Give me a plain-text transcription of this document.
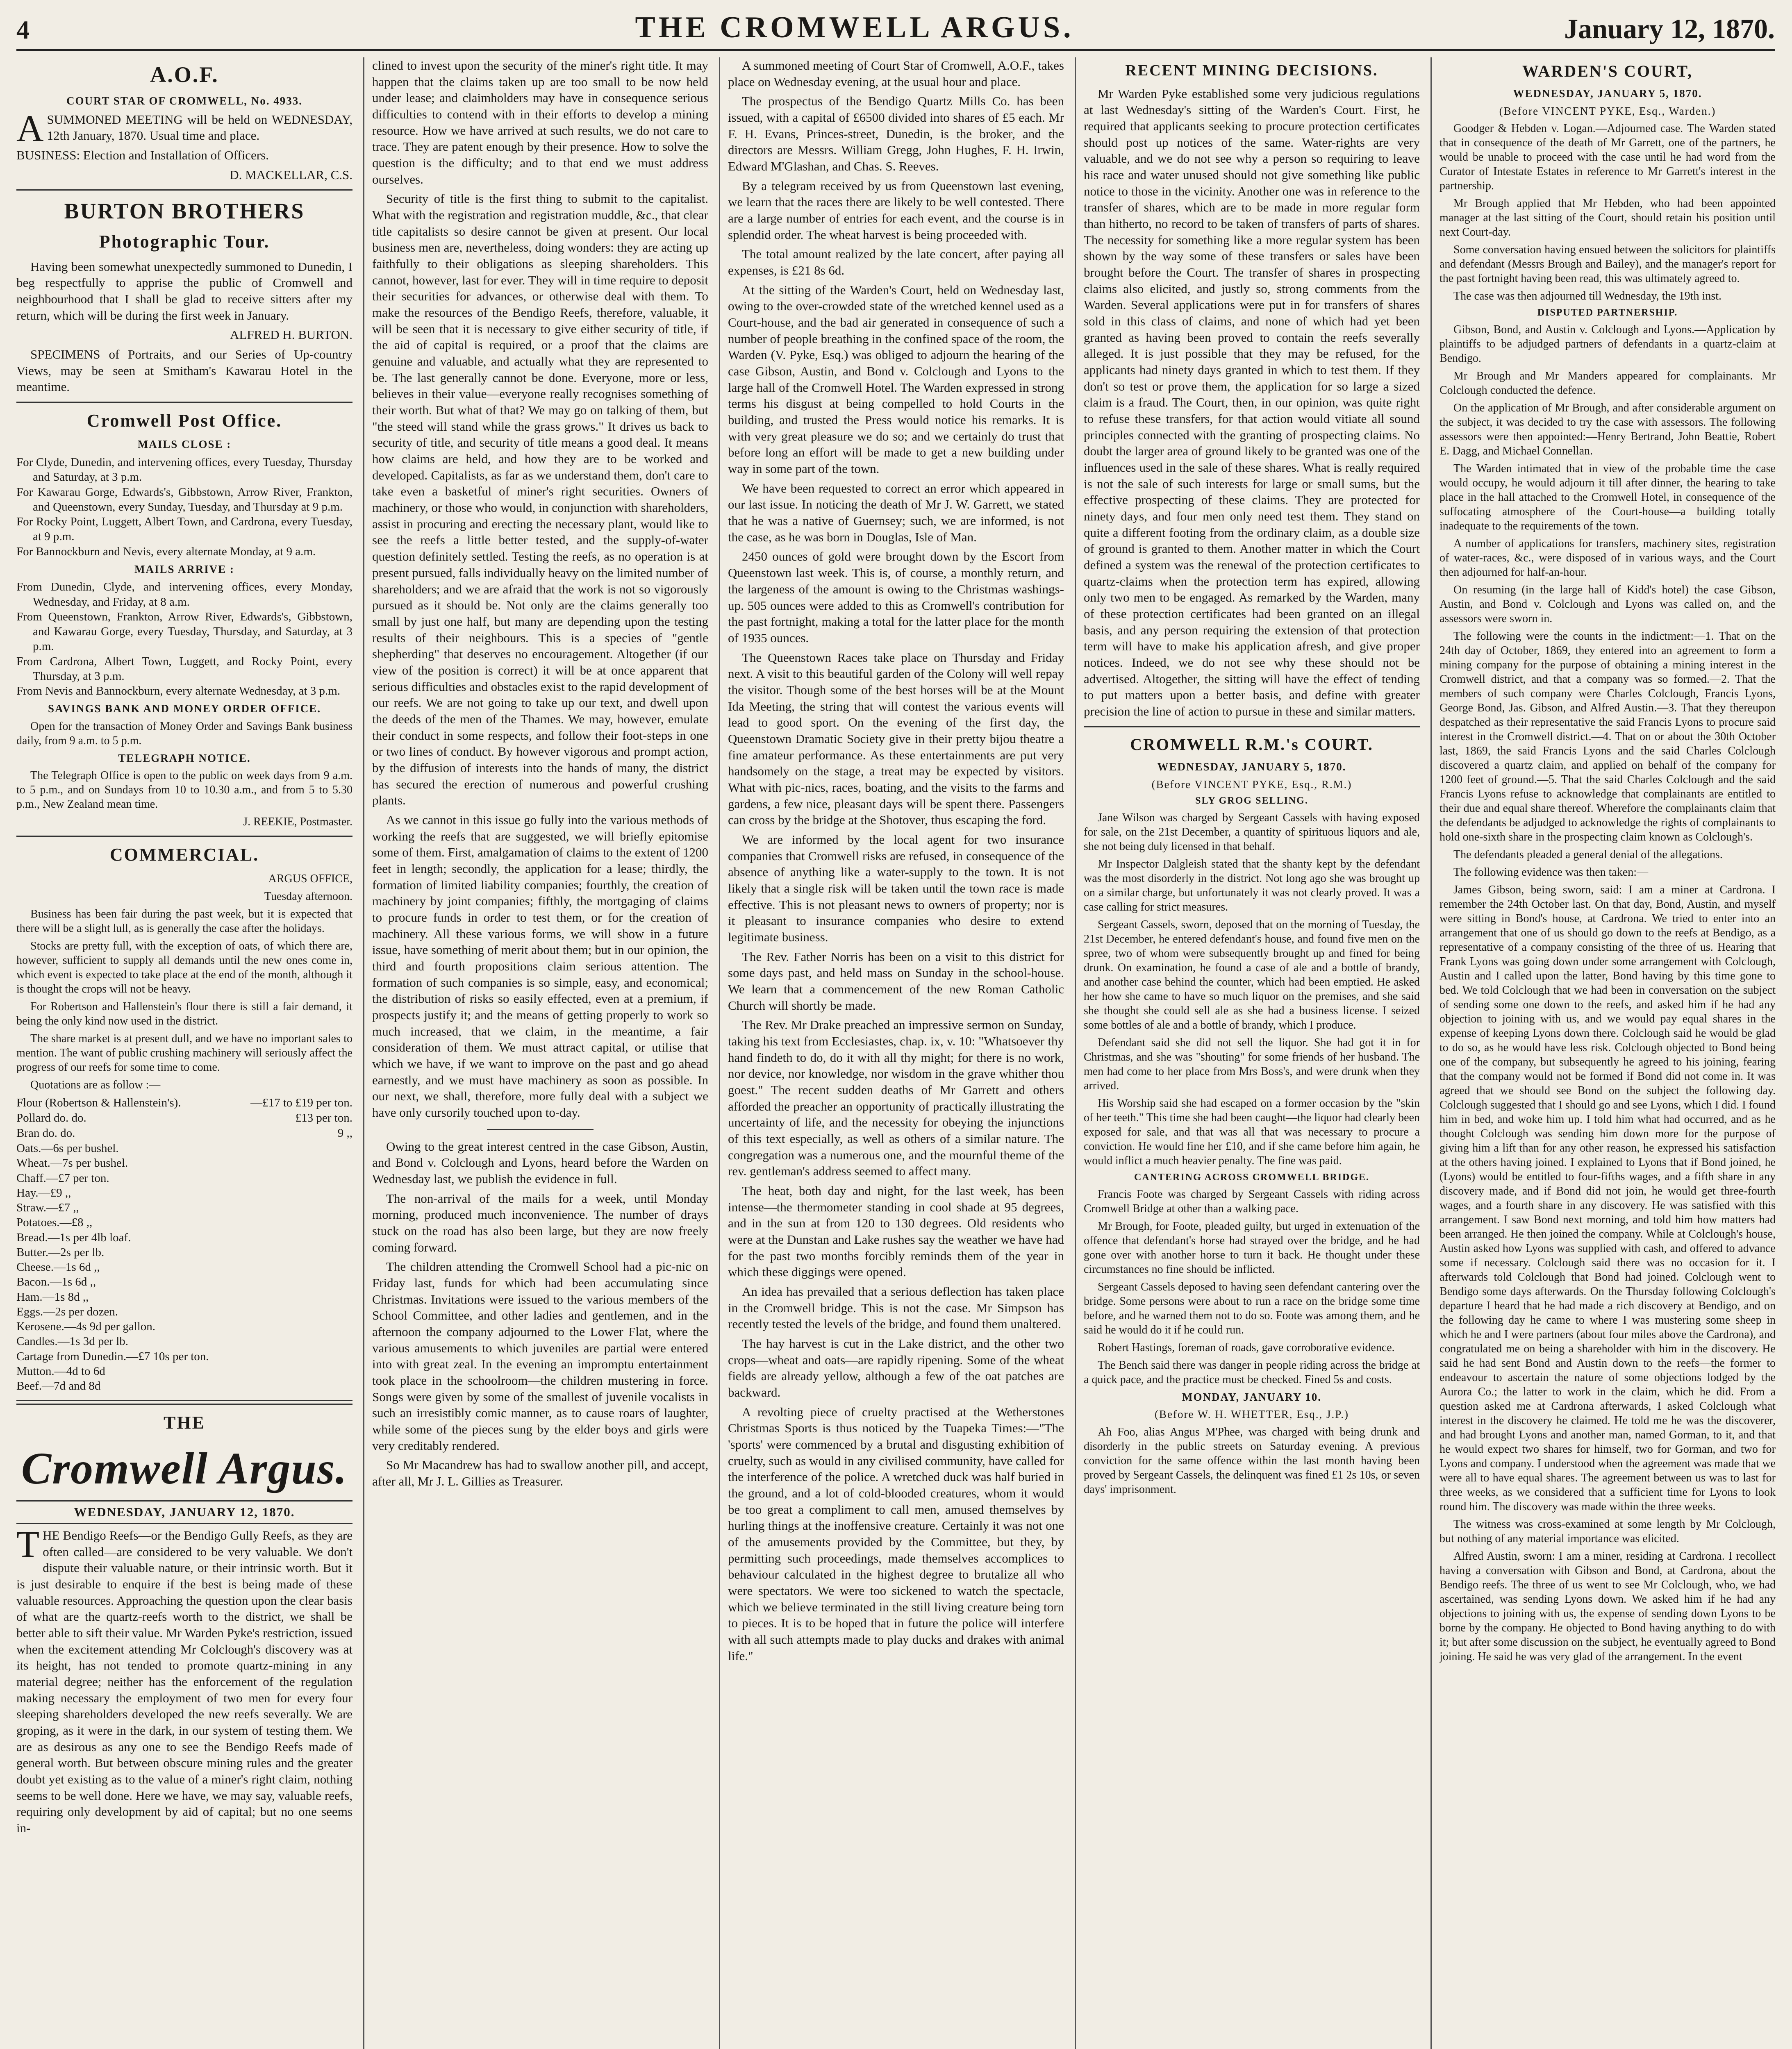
4	THE CROMWELL ARGUS.	January 12, 1870.
A.O.F.
COURT STAR OF CROMWELL, No. 4933.

ASUMMONED MEETING will be held on WEDNESDAY, 12th January, 1870. Usual time and place.

BUSINESS: Election and Installation of Officers.

D. MACKELLAR, C.S.

BURTON BROTHERS
Photographic Tour.

Having been somewhat unexpectedly summoned to Dunedin, I beg respectfully to apprise the public of Cromwell and neighbourhood that I shall be glad to receive sitters after my return, which will be during the first week in January.

ALFRED H. BURTON.

SPECIMENS of Portraits, and our Series of Up-country Views, may be seen at Smitham's Kawarau Hotel in the meantime.

Cromwell Post Office.
MAILS CLOSE :
For Clyde, Dunedin, and intervening offices, every Tuesday, Thursday and Saturday, at 3 p.m.
For Kawarau Gorge, Edwards's, Gibbstown, Arrow River, Frankton, and Queenstown, every Sunday, Tuesday, and Thursday at 9 p.m.
For Rocky Point, Luggett, Albert Town, and Cardrona, every Tuesday, at 9 p.m.
For Bannockburn and Nevis, every alternate Monday, at 9 a.m.
MAILS ARRIVE :
From Dunedin, Clyde, and intervening offices, every Monday, Wednesday, and Friday, at 8 a.m.
From Queenstown, Frankton, Arrow River, Edwards's, Gibbstown, and Kawarau Gorge, every Tuesday, Thursday, and Saturday, at 3 p.m.
From Cardrona, Albert Town, Luggett, and Rocky Point, every Thursday, at 3 p.m.
From Nevis and Bannockburn, every alternate Wednesday, at 3 p.m.
SAVINGS BANK AND MONEY ORDER OFFICE.

Open for the transaction of Money Order and Savings Bank business daily, from 9 a.m. to 5 p.m.

TELEGRAPH NOTICE.

The Telegraph Office is open to the public on week days from 9 a.m. to 5 p.m., and on Sundays from 10 to 10.30 a.m., and from 5 to 5.30 p.m., New Zealand mean time.

J. REEKIE, Postmaster.

COMMERCIAL.

ARGUS OFFICE,

Tuesday afternoon.

Business has been fair during the past week, but it is expected that there will be a slight lull, as is generally the case after the holidays.

Stocks are pretty full, with the exception of oats, of which there are, however, sufficient to supply all demands until the new ones come in, which event is expected to take place at the end of the month, although it is thought the crops will not be heavy.

For Robertson and Hallenstein's flour there is still a fair demand, it being the only kind now used in the district.

The share market is at present dull, and we have no important sales to mention. The want of public crushing machinery will seriously affect the progress of our reefs for some time to come.

Quotations are as follow :—

Flour (Robertson & Hallenstein's).	—£17 to £19 per ton.
Pollard do. do.	£13 per ton.
Bran do. do.	9 ,,
Oats.—6s per bushel.
Wheat.—7s per bushel.
Chaff.—£7 per ton.
Hay.—£9 ,,
Straw.—£7 ,,
Potatoes.—£8 ,,
Bread.—1s per 4lb loaf.
Butter.—2s per lb.
Cheese.—1s 6d ,,
Bacon.—1s 6d ,,
Ham.—1s 8d ,,
Eggs.—2s per dozen.
Kerosene.—4s 9d per gallon.
Candles.—1s 3d per lb.
Cartage from Dunedin.—£7 10s per ton.
Mutton.—4d to 6d
Beef.—7d and 8d
THE
Cromwell Argus.
WEDNESDAY, JANUARY 12, 1870.

THE Bendigo Reefs—or the Bendigo Gully Reefs, as they are often called—are considered to be very valuable. We don't dispute their valuable nature, or their intrinsic worth. But it is just desirable to enquire if the best is being made of these valuable resources. Approaching the question upon the clear basis of what are the quartz-reefs worth to the district, we shall be better able to sift their value. Mr Warden Pyke's restriction, issued when the excitement attending Mr Colclough's discovery was at its height, has not tended to promote quartz-mining in any material degree; neither has the enforcement of the regulation making necessary the employment of two men for every four sleeping shareholders developed the new reefs severally. We are groping, as it were in the dark, in our system of testing them. We are as desirous as any one to see the Bendigo Reefs made of general worth. But between obscure mining rules and the greater doubt yet existing as to the value of a miner's right claim, nothing seems to be well done. Here we have, we may say, valuable reefs, requiring only development by aid of capital; but no one seems in-

clined to invest upon the security of the miner's right title. It may happen that the claims taken up are too small to be now held under lease; and claimholders may have in consequence serious difficulties to contend with in their efforts to develop a mining resource. How we have arrived at such results, we do not care to trace. They are patent enough by their presence. How to solve the question is the difficulty; and to that end we must address ourselves.

Security of title is the first thing to submit to the capitalist. What with the registration and registration muddle, &c., that clear title capitalists so desire cannot be given at present. Our local business men are, nevertheless, doing wonders: they are acting up faithfully to their obligations as sleeping shareholders. This cannot, however, last for ever. They will in time require to deposit their securities for advances, or otherwise deal with them. To make the resources of the Bendigo Reefs, therefore, valuable, it will be seen that it is necessary to give either security of title, if the aid of capital is required, or a proof that the claims are genuine and valuable, and actually what they are represented to be. The last generally cannot be done. Everyone, more or less, believes in their value—everyone really recognises something of their worth. But what of that? We may go on talking of them, but "the steed will stand while the grass grows." It drives us back to security of title, and security of title means a good deal. It means how claims are held, and how they are to be worked and developed. Capitalists, as far as we understand them, don't care to take even a basketful of miner's right securities. Owners of machinery, or those who would, in conjunction with shareholders, assist in procuring and erecting the necessary plant, would like to see the reefs a little better tested, and the supply-of-water question definitely settled. Testing the reefs, as no operation is at present pursued, falls individually heavy on the limited number of shareholders; and we are afraid that the work is not so vigorously pursued as it should be. Not only are the claims generally too small by just one half, but many are depending upon the testing results of their neighbours. This is a species of "gentle shepherding" that deserves no encouragement. Altogether (if our view of the position is correct) it will be at once apparent that serious difficulties and obstacles exist to the rapid development of our reefs. We are not going to take up our text, and dwell upon the deeds of the men of the Thames. We may, however, emulate their conduct in some respects, and follow their foot-steps in one or two lines of conduct. By however vigorous and prompt action, by the diffusion of interests into the hands of many, the district has secured the erection of numerous and powerful crushing plants.

As we cannot in this issue go fully into the various methods of working the reefs that are suggested, we will briefly epitomise some of them. First, amalgamation of claims to the extent of 1200 feet in length; secondly, the application for a lease; thirdly, the formation of limited liability companies; fourthly, the creation of machinery by joint companies; fifthly, the mortgaging of claims to procure funds in order to test them, or for the creation of machinery. All these various forms, we will show in a future issue, have something of merit about them; but in our opinion, the third and fourth propositions claim serious attention. The formation of such companies is so simple, easy, and economical; the distribution of risks so easily effected, even at a premium, if prospects justify it; and the means of getting properly to work so much increased, that we claim, in the meantime, a fair consideration of them. We must attract capital, or utilise that which we have, if we want to improve on the past and go ahead earnestly, and we must have machinery as soon as possible. In our next, we shall, therefore, more fully deal with a subject we have only cursorily touched upon to-day.

Owing to the great interest centred in the case Gibson, Austin, and Bond v. Colclough and Lyons, heard before the Warden on Wednesday last, we publish the evidence in full.

The non-arrival of the mails for a week, until Monday morning, produced much inconvenience. The number of drays stuck on the road has also been large, but they are now freely coming forward.

The children attending the Cromwell School had a pic-nic on Friday last, funds for which had been accumulating since Christmas. Invitations were issued to the various members of the School Committee, and other ladies and gentlemen, and in the afternoon the company adjourned to the Lower Flat, where the various amusements to which juveniles are partial were entered into with great zeal. In the evening an impromptu entertainment took place in the schoolroom—the children mustering in force. Songs were given by some of the smallest of juvenile vocalists in such an irresistibly comic manner, as to cause roars of laughter, while some of the pieces sung by the elder boys and girls were very creditably rendered.

So Mr Macandrew has had to swallow another pill, and accept, after all, Mr J. L. Gillies as Treasurer.

A summoned meeting of Court Star of Cromwell, A.O.F., takes place on Wednesday evening, at the usual hour and place.

The prospectus of the Bendigo Quartz Mills Co. has been issued, with a capital of £6500 divided into shares of £5 each. Mr F. H. Evans, Princes-street, Dunedin, is the broker, and the directors are Messrs. William Gregg, John Hughes, F. H. Irwin, Edward M'Glashan, and Chas. S. Reeves.

By a telegram received by us from Queenstown last evening, we learn that the races there are likely to be well contested. There are a large number of entries for each event, and the course is in splendid order. The wheat harvest is being proceeded with.

The total amount realized by the late concert, after paying all expenses, is £21 8s 6d.

At the sitting of the Warden's Court, held on Wednesday last, owing to the over-crowded state of the wretched kennel used as a Court-house, and the bad air generated in consequence of such a number of people breathing in the confined space of the room, the Warden (V. Pyke, Esq.) was obliged to adjourn the hearing of the case Gibson, Austin, and Bond v. Colclough and Lyons to the large hall of the Cromwell Hotel. The Warden expressed in strong terms his disgust at being compelled to hold Courts in the building, and trusted the Press would notice his remarks. It is with very great pleasure we do so; and we certainly do trust that before long an effort will be made to get a new building under way in some part of the town.

We have been requested to correct an error which appeared in our last issue. In noticing the death of Mr J. W. Garrett, we stated that he was a native of Guernsey; such, we are informed, is not the case, as he was born in Douglas, Isle of Man.

2450 ounces of gold were brought down by the Escort from Queenstown last week. This is, of course, a monthly return, and the largeness of the amount is owing to the Christmas washings-up. 505 ounces were added to this as Cromwell's contribution for the past fortnight, making a total for the latter place for the month of 1935 ounces.

The Queenstown Races take place on Thursday and Friday next. A visit to this beautiful garden of the Colony will well repay the visitor. Though some of the best horses will be at the Mount Ida Meeting, the string that will contest the various events will lead to good sport. On the evening of the first day, the Queenstown Dramatic Society give in their pretty bijou theatre a fine amateur performance. As these entertainments are put very handsomely on the stage, a treat may be expected by visitors. What with pic-nics, races, boating, and the visits to the farms and gardens, a few nice, pleasant days will be spent there. Passengers can cross by the bridge at the Shotover, thus escaping the ford.

We are informed by the local agent for two insurance companies that Cromwell risks are refused, in consequence of the absence of anything like a water-supply to the town. It is not likely that a single risk will be taken until the town race is made effective. This is not pleasant news to owners of property; nor is it pleasant to insurance companies who desire to extend legitimate business.

The Rev. Father Norris has been on a visit to this district for some days past, and held mass on Sunday in the school-house. We learn that a commencement of the new Roman Catholic Church will shortly be made.

The Rev. Mr Drake preached an impressive sermon on Sunday, taking his text from Ecclesiastes, chap. ix, v. 10: "Whatsoever thy hand findeth to do, do it with all thy might; for there is no work, nor device, nor knowledge, nor wisdom in the grave whither thou goest." The recent sudden deaths of Mr Garrett and others afforded the preacher an opportunity of practically illustrating the uncertainty of life, and the necessity for obeying the injunctions of this text especially, as well as others of a similar nature. The congregation was a numerous one, and the mournful theme of the rev. gentleman's address seemed to affect many.

The heat, both day and night, for the last week, has been intense—the thermometer standing in cool shade at 95 degrees, and in the sun at from 120 to 130 degrees. Old residents who were at the Dunstan and Lake rushes say the weather we have had for the past two months forcibly reminds them of the year in which these diggings were opened.

An idea has prevailed that a serious deflection has taken place in the Cromwell bridge. This is not the case. Mr Simpson has recently tested the levels of the bridge, and found them unaltered.

The hay harvest is cut in the Lake district, and the other two crops—wheat and oats—are rapidly ripening. Some of the wheat fields are already yellow, although a few of the oat patches are backward.

A revolting piece of cruelty practised at the Wetherstones Christmas Sports is thus noticed by the Tuapeka Times:—"The 'sports' were commenced by a brutal and disgusting exhibition of cruelty, such as would in any civilised community, have called for the interference of the police. A wretched duck was half buried in the ground, and a lot of cold-blooded creatures, whom it would be too great a compliment to call men, amused themselves by hurling things at the inoffensive creature. Certainly it was not one of the amusements provided by the Committee, but they, by permitting such proceedings, made themselves accomplices to behaviour calculated in the highest degree to brutalize all who were spectators. We were too sickened to watch the spectacle, which we believe terminated in the still living creature being torn to pieces. It is to be hoped that in future the police will interfere with all such attempts made to play ducks and drakes with animal life."

RECENT MINING DECISIONS.

Mr Warden Pyke established some very judicious regulations at last Wednesday's sitting of the Warden's Court. First, he required that applicants seeking to procure protection certificates should post up notices of the same. Water-rights are very valuable, and we do not see why a person so requiring to leave his race and water unused should not give something like public notice to those in the vicinity. Another one was in reference to the transfer of shares, which are to be made in more regular form than hitherto, no record to be taken of transfers of parts of shares. The necessity for something like a more regular system has been shown by the way some of these transfers or sales have been brought before the Court. The transfer of shares in prospecting claims also elicited, and justly so, strong comments from the Warden. Several applications were put in for transfers of shares sold in this class of claims, and none of which had yet been granted as having been proved to contain the reefs severally alleged. It is just possible that they may be refused, for the applicants had ninety days granted in which to test them. If they don't so test or prove them, the application for so large a sized claim is a fraud. The Court, then, in our opinion, was quite right to refuse these transfers, for that action would vitiate all sound principles connected with the granting of prospecting claims. No doubt the larger area of ground likely to be granted was one of the influences used in the sale of these shares. What is really required is not the sale of such interests for large or small sums, but the effective prospecting of these claims. They are protected for ninety days, and four men only need test them. They stand on quite a different footing from the ordinary claim, as a double size of ground is granted to them. Another matter in which the Court defined a system was the renewal of the protection certificates to quartz-claims when the protection term has expired, allowing only two men to be engaged. As remarked by the Warden, many of these protection certificates had been granted on an illegal basis, and any person requiring the extension of that protection term will have to make his application afresh, and give proper notices. Indeed, we do not see why these should not be advertised. Altogether, the sitting will have the effect of tending to put matters upon a better basis, and define with greater precision the line of action to pursue in these and similar matters.

CROMWELL R.M.'s COURT.
WEDNESDAY, JANUARY 5, 1870.
(Before VINCENT PYKE, Esq., R.M.)
SLY GROG SELLING.

Jane Wilson was charged by Sergeant Cassels with having exposed for sale, on the 21st December, a quantity of spirituous liquors and ale, she not being duly licensed in that behalf.

Mr Inspector Dalgleish stated that the shanty kept by the defendant was the most disorderly in the district. Not long ago she was brought up on a similar charge, but unfortunately it was not clearly proved. It was a case calling for strict measures.

Sergeant Cassels, sworn, deposed that on the morning of Tuesday, the 21st December, he entered defendant's house, and found five men on the spree, two of whom were subsequently brought up and fined for being drunk. On examination, he found a case of ale and a bottle of brandy, and another case behind the counter, which had been emptied. He asked her how she came to have so much liquor on the premises, and she said she thought she could sell ale as she had a business license. I seized some bottles of ale and a bottle of brandy, which I produce.

Defendant said she did not sell the liquor. She had got it in for Christmas, and she was "shouting" for some friends of her husband. The men had come to her place from Mrs Boss's, and were drunk when they arrived.

His Worship said she had escaped on a former occasion by the "skin of her teeth." This time she had been caught—the liquor had clearly been exposed for sale, and that was all that was necessary to procure a conviction. He would fine her £10, and if she came before him again, he would inflict a much heavier penalty. The fine was paid.

CANTERING ACROSS CROMWELL BRIDGE.

Francis Foote was charged by Sergeant Cassels with riding across Cromwell Bridge at other than a walking pace.

Mr Brough, for Foote, pleaded guilty, but urged in extenuation of the offence that defendant's horse had strayed over the bridge, and he had gone over with another horse to turn it back. He thought under these circumstances no fine should be inflicted.

Sergeant Cassels deposed to having seen defendant cantering over the bridge. Some persons were about to run a race on the bridge some time before, and he warned them not to do so. Foote was among them, and he said he would do it if he could run.

Robert Hastings, foreman of roads, gave corroborative evidence.

The Bench said there was danger in people riding across the bridge at a quick pace, and the practice must be checked. Fined 5s and costs.

MONDAY, JANUARY 10.
(Before W. H. WHETTER, Esq., J.P.)

Ah Foo, alias Angus M'Phee, was charged with being drunk and disorderly in the public streets on Saturday evening. A previous conviction for the same offence within the last month having been proved by Sergeant Cassels, the delinquent was fined £1 2s 10s, or seven days' imprisonment.

WARDEN'S COURT,
WEDNESDAY, JANUARY 5, 1870.
(Before VINCENT PYKE, Esq., Warden.)

Goodger & Hebden v. Logan.—Adjourned case. The Warden stated that in consequence of the death of Mr Garrett, one of the partners, he would be unable to proceed with the case until he had word from the Curator of Intestate Estates in reference to Mr Garrett's interest in the partnership.

Mr Brough applied that Mr Hebden, who had been appointed manager at the last sitting of the Court, should retain his position until next Court-day.

Some conversation having ensued between the solicitors for plaintiffs and defendant (Messrs Brough and Bailey), and the manager's report for the past fortnight having been read, this was ultimately agreed to.

The case was then adjourned till Wednesday, the 19th inst.

DISPUTED PARTNERSHIP.

Gibson, Bond, and Austin v. Colclough and Lyons.—Application by plaintiffs to be adjudged partners of defendants in a quartz-claim at Bendigo.

Mr Brough and Mr Manders appeared for complainants. Mr Colclough conducted the defence.

On the application of Mr Brough, and after considerable argument on the subject, it was decided to try the case with assessors. The following assessors were then appointed:—Henry Bertrand, John Beattie, Robert E. Dagg, and Michael Connellan.

The Warden intimated that in view of the probable time the case would occupy, he would adjourn it till after dinner, the hearing to take place in the hall attached to the Cromwell Hotel, in consequence of the suffocating atmosphere of the Court-house—a building totally inadequate to the requirements of the town.

A number of applications for transfers, machinery sites, registration of water-races, &c., were disposed of in various ways, and the Court then adjourned for half-an-hour.

On resuming (in the large hall of Kidd's hotel) the case Gibson, Austin, and Bond v. Colclough and Lyons was called on, and the assessors were sworn in.

The following were the counts in the indictment:—1. That on the 24th day of October, 1869, they entered into an agreement to form a mining company for the purpose of obtaining a mining interest in the Cromwell district, and that a company was so formed.—2. That the members of such company were Charles Colclough, Francis Lyons, George Bond, Jas. Gibson, and Alfred Austin.—3. That they thereupon despatched as their representative the said Francis Lyons to procure said interest in the Cromwell district.—4. That on or about the 30th October last, 1869, the said Francis Lyons and the said Charles Colclough discovered a quartz claim, and applied on behalf of the company for 1200 feet of ground.—5. That the said Charles Colclough and the said Francis Lyons refuse to acknowledge that complainants are entitled to their due and equal share thereof. Wherefore the complainants claim that the defendants be adjudged to acknowledge the rights of complainants to hold one-sixth share in the prospecting claim known as Colclough's.

The defendants pleaded a general denial of the allegations.

The following evidence was then taken:—

James Gibson, being sworn, said: I am a miner at Cardrona. I remember the 24th October last. On that day, Bond, Austin, and myself were sitting in Bond's house, at Cardrona. We tried to enter into an arrangement that one of us should go down to the reefs at Bendigo, as a representative of a company consisting of the three of us. Hearing that Frank Lyons was going down under some arrangement with Colclough, Austin and I called upon the latter, Bond having by this time gone to bed. We told Colclough that we had been in conversation on the subject of sending some one down to the reefs, and asked him if he had any objection to joining with us, and we would pay equal shares in the expense of keeping Lyons down there. Colclough said he would be glad to do so, as he would have less risk. Colclough objected to Bond being one of the company, but subsequently he agreed to his joining, fearing that the company would not be formed if Bond did not come in. It was agreed that we should see Bond on the subject the following day. Colclough suggested that I should go and see Lyons, which I did. I found him in bed, and woke him up. I told him what had occurred, and as he thought Colclough was sending him down more for the purpose of giving him a lift than for any other reason, he expressed his satisfaction at the others having joined. I explained to Lyons that if Bond joined, he (Lyons) would be entitled to four-fifths wages, and a fifth share in any discovery made, and if Bond did not join, he would get three-fourth wages, and a fourth share in any discovery. He was satisfied with this arrangement. I saw Bond next morning, and told him how matters had been arranged. He then joined the company. While at Colclough's house, Austin asked how Lyons was supplied with cash, and offered to advance some if necessary. Colclough said there was no occasion for it. I afterwards told Colclough that Bond had joined. Colclough went to Bendigo some days afterwards. On the Thursday following Colclough's departure I heard that he had made a rich discovery at Bendigo, and on the following day he came to where I was mustering some sheep in which he and I were partners (about four miles above the Cardrona), and congratulated me on being a shareholder with him in the discovery. He said he had sent Bond and Austin down to the reefs—the former to endeavour to ascertain the nature of some objections lodged by the Aurora Co.; the latter to work in the claim, which he did. From a question asked me at Cardrona afterwards, I asked Colclough what interest in the discovery he claimed. He told me he was the discoverer, and had brought Lyons and another man, named Gorman, to it, and that he would expect two shares for himself, two for Gorman, and two for Lyons and company. I understood when the agreement was made that we were all to have equal shares. The agreement between us was to last for three weeks, as we considered that a sufficient time for Lyons to look round him. The discovery was made within the three weeks.

The witness was cross-examined at some length by Mr Colclough, but nothing of any material importance was elicited.

Alfred Austin, sworn: I am a miner, residing at Cardrona. I recollect having a conversation with Gibson and Bond, at Cardrona, about the Bendigo reefs. The three of us went to see Mr Colclough, who, we had ascertained, was sending Lyons down. We asked him if he had any objections to joining with us, the expense of sending down Lyons to be borne by the company. He objected to Bond having anything to do with it; but after some discussion on the subject, he eventually agreed to Bond joining. He said he was very glad of the arrangement. In the event
